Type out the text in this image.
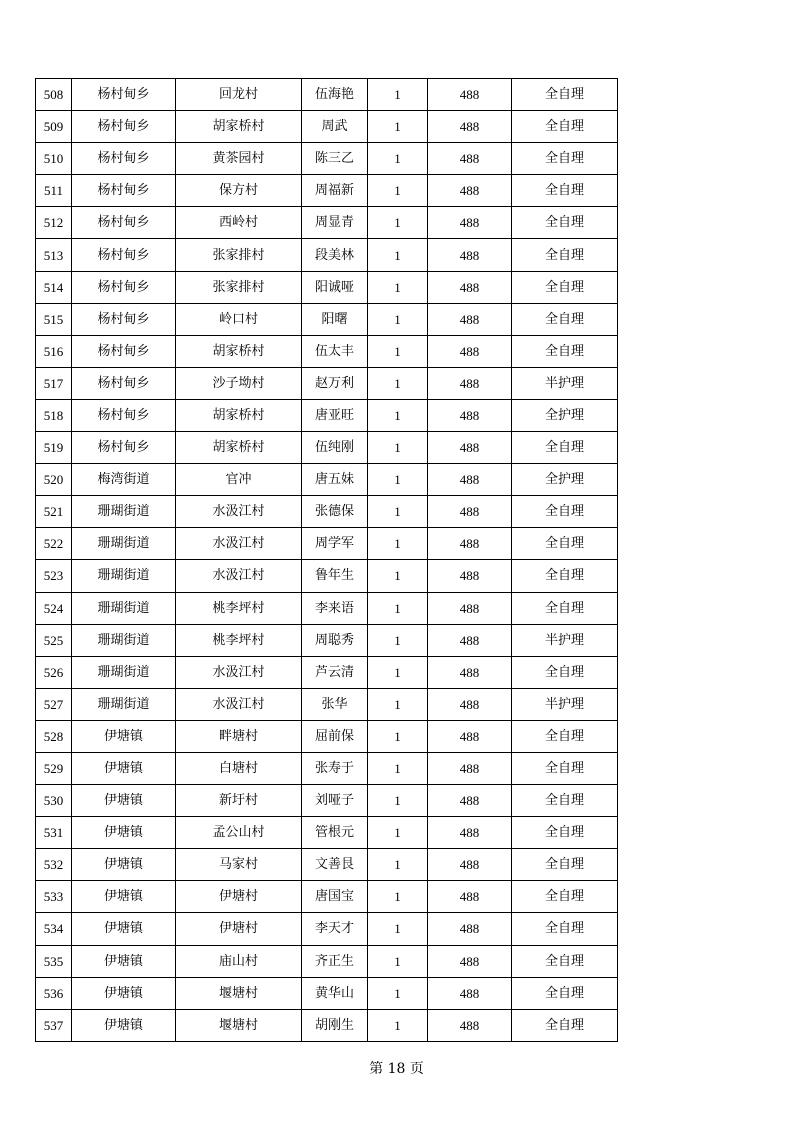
508	杨村甸乡	回龙村	伍海艳	1	488	全自理
509	杨村甸乡	胡家桥村	周武	1	488	全自理
510	杨村甸乡	黄茶园村	陈三乙	1	488	全自理
511	杨村甸乡	保方村	周福新	1	488	全自理
512	杨村甸乡	西岭村	周显青	1	488	全自理
513	杨村甸乡	张家排村	段美林	1	488	全自理
514	杨村甸乡	张家排村	阳诚哑	1	488	全自理
515	杨村甸乡	岭口村	阳曙	1	488	全自理
516	杨村甸乡	胡家桥村	伍太丰	1	488	全自理
517	杨村甸乡	沙子坳村	赵万利	1	488	半护理
518	杨村甸乡	胡家桥村	唐亚旺	1	488	全护理
519	杨村甸乡	胡家桥村	伍纯刚	1	488	全自理
520	梅湾街道	官冲	唐五妹	1	488	全护理
521	珊瑚街道	水汲江村	张德保	1	488	全自理
522	珊瑚街道	水汲江村	周学军	1	488	全自理
523	珊瑚街道	水汲江村	鲁年生	1	488	全自理
524	珊瑚街道	桃李坪村	李来语	1	488	全自理
525	珊瑚街道	桃李坪村	周聪秀	1	488	半护理
526	珊瑚街道	水汲江村	芦云清	1	488	全自理
527	珊瑚街道	水汲江村	张华	1	488	半护理
528	伊塘镇	畔塘村	屈前保	1	488	全自理
529	伊塘镇	白塘村	张寿于	1	488	全自理
530	伊塘镇	新圩村	刘哑子	1	488	全自理
531	伊塘镇	孟公山村	管根元	1	488	全自理
532	伊塘镇	马家村	文善艮	1	488	全自理
533	伊塘镇	伊塘村	唐国宝	1	488	全自理
534	伊塘镇	伊塘村	李天才	1	488	全自理
535	伊塘镇	庙山村	齐正生	1	488	全自理
536	伊塘镇	堰塘村	黄华山	1	488	全自理
537	伊塘镇	堰塘村	胡刚生	1	488	全自理
第 18 页
